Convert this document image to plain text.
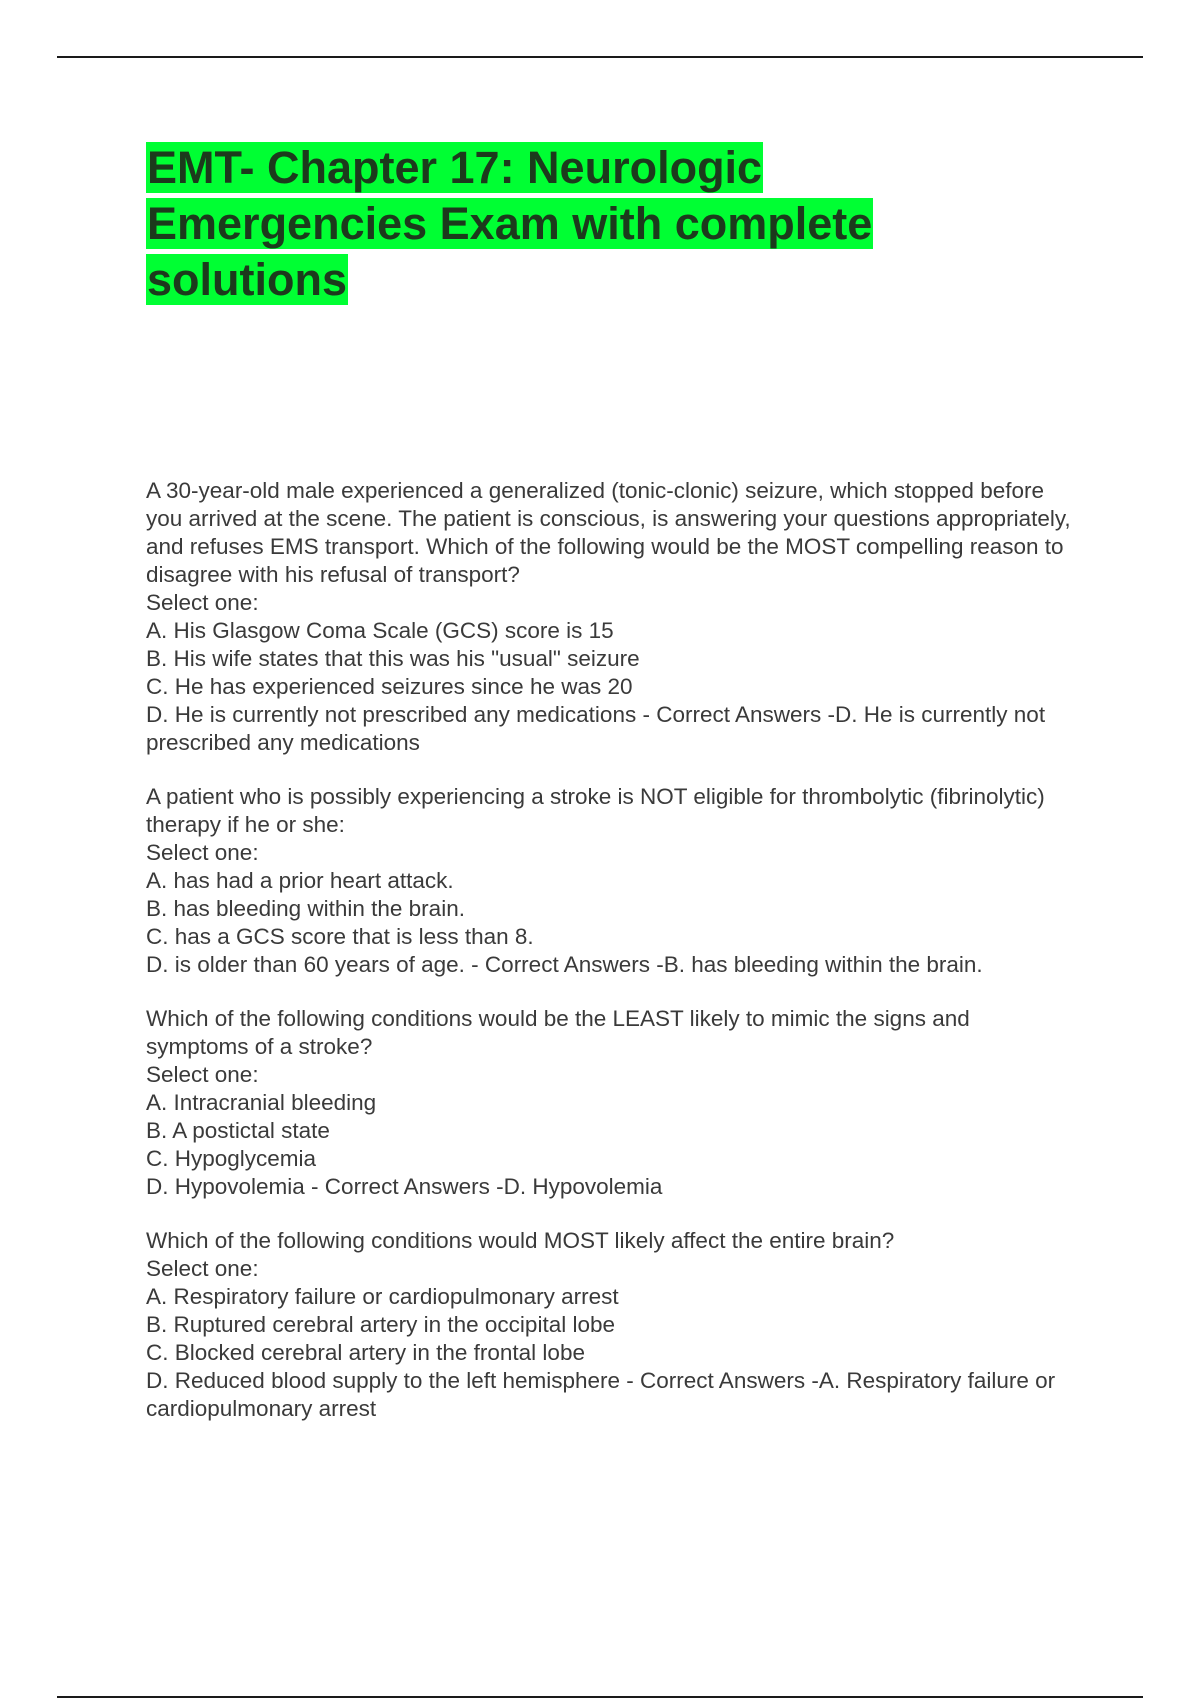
EMT- Chapter 17: Neurologic Emergencies Exam with complete solutions

A 30-year-old male experienced a generalized (tonic-clonic) seizure, which stopped before you arrived at the scene. The patient is conscious, is answering your questions appropriately, and refuses EMS transport. Which of the following would be the MOST compelling reason to disagree with his refusal of transport?

Select one:

A. His Glasgow Coma Scale (GCS) score is 15

B. His wife states that this was his "usual" seizure

C. He has experienced seizures since he was 20

D. He is currently not prescribed any medications - Correct Answers -D. He is currently not prescribed any medications

A patient who is possibly experiencing a stroke is NOT eligible for thrombolytic (fibrinolytic) therapy if he or she:

Select one:

A. has had a prior heart attack.

B. has bleeding within the brain.

C. has a GCS score that is less than 8.

D. is older than 60 years of age. - Correct Answers -B. has bleeding within the brain.

Which of the following conditions would be the LEAST likely to mimic the signs and symptoms of a stroke?

Select one:

A. Intracranial bleeding

B. A postictal state

C. Hypoglycemia

D. Hypovolemia - Correct Answers -D. Hypovolemia

Which of the following conditions would MOST likely affect the entire brain?

Select one:

A. Respiratory failure or cardiopulmonary arrest

B. Ruptured cerebral artery in the occipital lobe

C. Blocked cerebral artery in the frontal lobe

D. Reduced blood supply to the left hemisphere - Correct Answers -A. Respiratory failure or cardiopulmonary arrest
